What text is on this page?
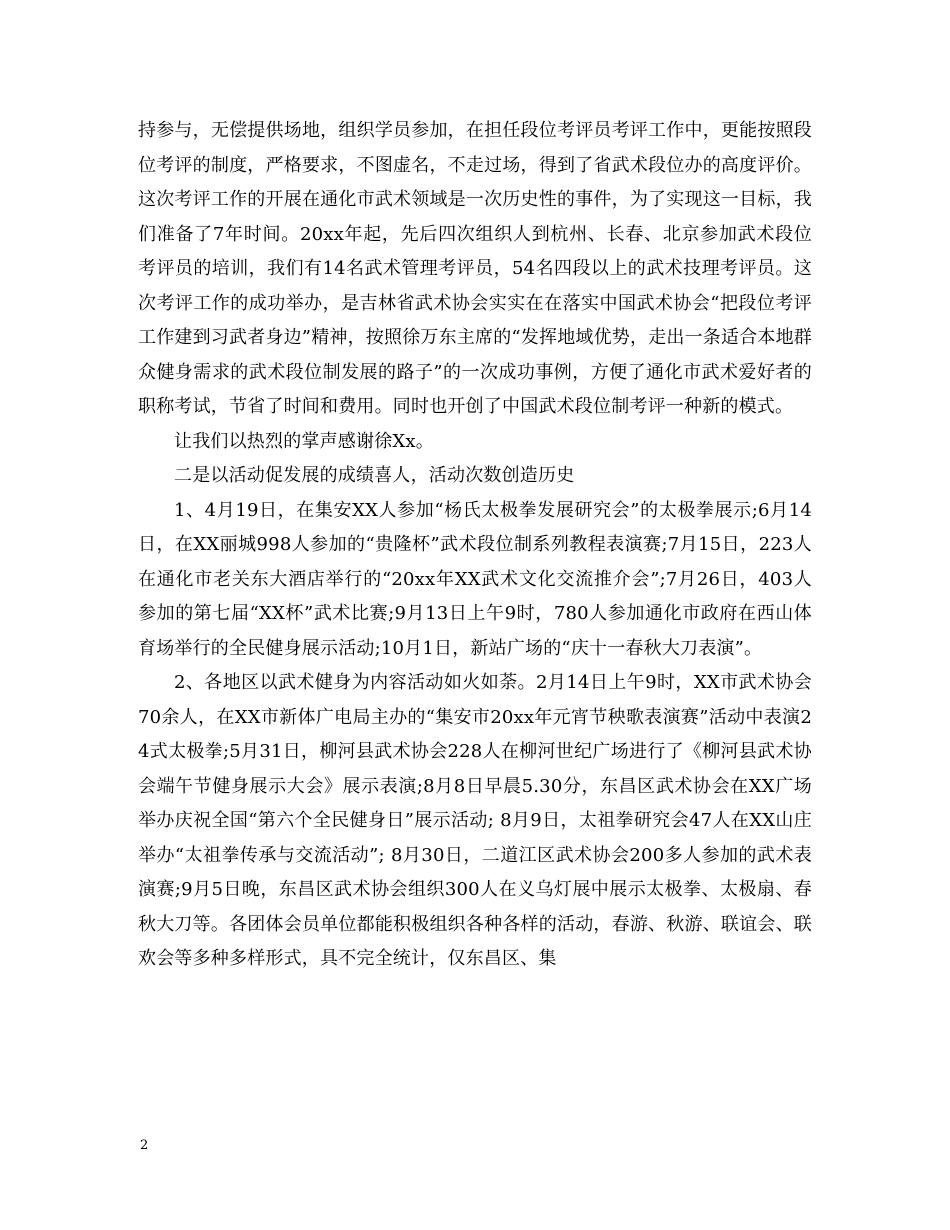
持参与，无偿提供场地，组织学员参加，在担任段位考评员考评工作中，更能按照段位考评的制度，严格要求，不图虚名，不走过场，得到了省武术段位办的高度评价。这次考评工作的开展在通化市武术领域是一次历史性的事件，为了实现这一目标，我们准备了7年时间。20xx年起，先后四次组织人到杭州、长春、北京参加武术段位考评员的培训，我们有14名武术管理考评员，54名四段以上的武术技理考评员。这次考评工作的成功举办，是吉林省武术协会实实在在落实中国武术协会“把段位考评工作建到习武者身边”精神，按照徐万东主席的“发挥地域优势，走出一条适合本地群众健身需求的武术段位制发展的路子”的一次成功事例，方便了通化市武术爱好者的职称考试，节省了时间和费用。同时也开创了中国武术段位制考评一种新的模式。

让我们以热烈的掌声感谢徐Xx。

二是以活动促发展的成绩喜人，活动次数创造历史

1、4月19日，在集安XX人参加“杨氏太极拳发展研究会”的太极拳展示;6月14日，在XX丽城998人参加的“贵隆杯”武术段位制系列教程表演赛;7月15日，223人在通化市老关东大酒店举行的“20xx年XX武术文化交流推介会”;7月26日，403人参加的第七届“XX杯”武术比赛;9月13日上午9时，780人参加通化市政府在西山体育场举行的全民健身展示活动;10月1日，新站广场的“庆十一春秋大刀表演”。

2、各地区以武术健身为内容活动如火如荼。2月14日上午9时，XX市武术协会70余人，在XX市新体广电局主办的“集安市20xx年元宵节秧歌表演赛”活动中表演24式太极拳;5月31日，柳河县武术协会228人在柳河世纪广场进行了《柳河县武术协会端午节健身展示大会》展示表演;8月8日早晨5.30分，东昌区武术协会在XX广场举办庆祝全国“第六个全民健身日”展示活动; 8月9日，太祖拳研究会47人在XX山庄举办“太祖拳传承与交流活动”; 8月30日，二道江区武术协会200多人参加的武术表演赛;9月5日晚，东昌区武术协会组织300人在义乌灯展中展示太极拳、太极扇、春秋大刀等。各团体会员单位都能积极组织各种各样的活动，春游、秋游、联谊会、联欢会等多种多样形式，具不完全统计，仅东昌区、集

2
